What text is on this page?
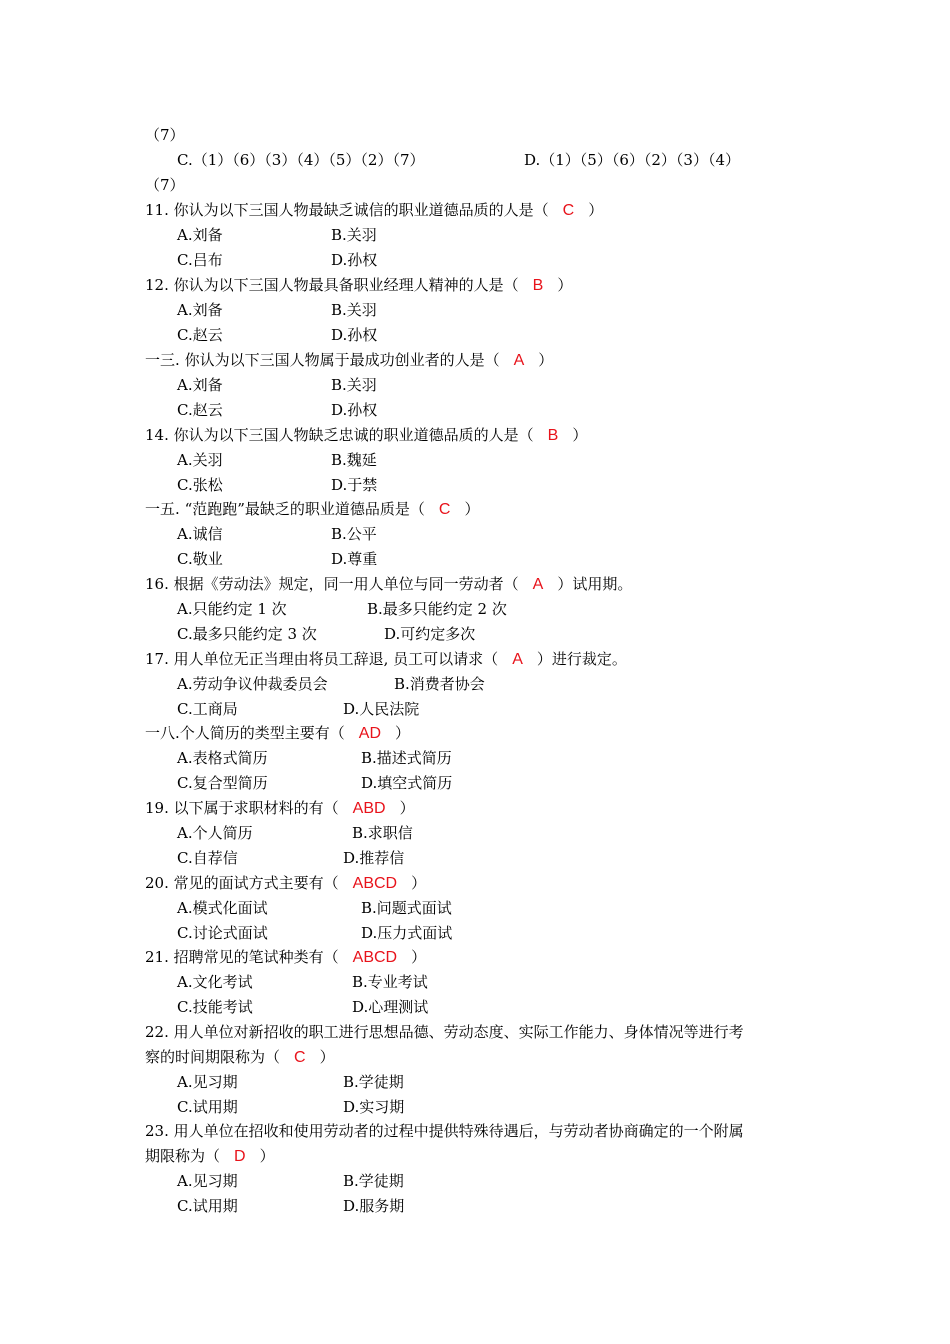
（7）
C.（1）（6）（3）（4）（5）（2）（7）	D.（1）（5）（6）（2）（3）（4）
（7）
11. 你认为以下三国人物最缺乏诚信的职业道德品质的人是（ C ）
A.刘备	B.关羽
C.吕布	D.孙权
12. 你认为以下三国人物最具备职业经理人精神的人是（ B ）
A.刘备	B.关羽
C.赵云	D.孙权
一三. 你认为以下三国人物属于最成功创业者的人是（ A ）
A.刘备	B.关羽
C.赵云	D.孙权
14. 你认为以下三国人物缺乏忠诚的职业道德品质的人是（ B ）
A.关羽	B.魏延
C.张松	D.于禁
一五. “范跑跑”最缺乏的职业道德品质是（ C ）
A.诚信	B.公平
C.敬业	D.尊重
16. 根据《劳动法》规定，同一用人单位与同一劳动者（ A ）试用期。
A.只能约定 1 次	B.最多只能约定 2 次
C.最多只能约定 3 次	D.可约定多次
17. 用人单位无正当理由将员工辞退, 员工可以请求（ A ）进行裁定。
A.劳动争议仲裁委员会	B.消费者协会
C.工商局	D.人民法院
一八.个人简历的类型主要有（ AD ）
A.表格式简历	B.描述式简历
C.复合型简历	D.填空式简历
19. 以下属于求职材料的有（ ABD ）
A.个人简历	B.求职信
C.自荐信	D.推荐信
20. 常见的面试方式主要有（ ABCD ）
A.模式化面试	B.问题式面试
C.讨论式面试	D.压力式面试
21. 招聘常见的笔试种类有（ ABCD ）
A.文化考试	B.专业考试
C.技能考试	D.心理测试
22. 用人单位对新招收的职工进行思想品德、劳动态度、实际工作能力、身体情况等进行考
察的时间期限称为（ C ）
A.见习期	B.学徒期
C.试用期	D.实习期
23. 用人单位在招收和使用劳动者的过程中提供特殊待遇后，与劳动者协商确定的一个附属
期限称为（ D ）
A.见习期	B.学徒期
C.试用期	D.服务期
